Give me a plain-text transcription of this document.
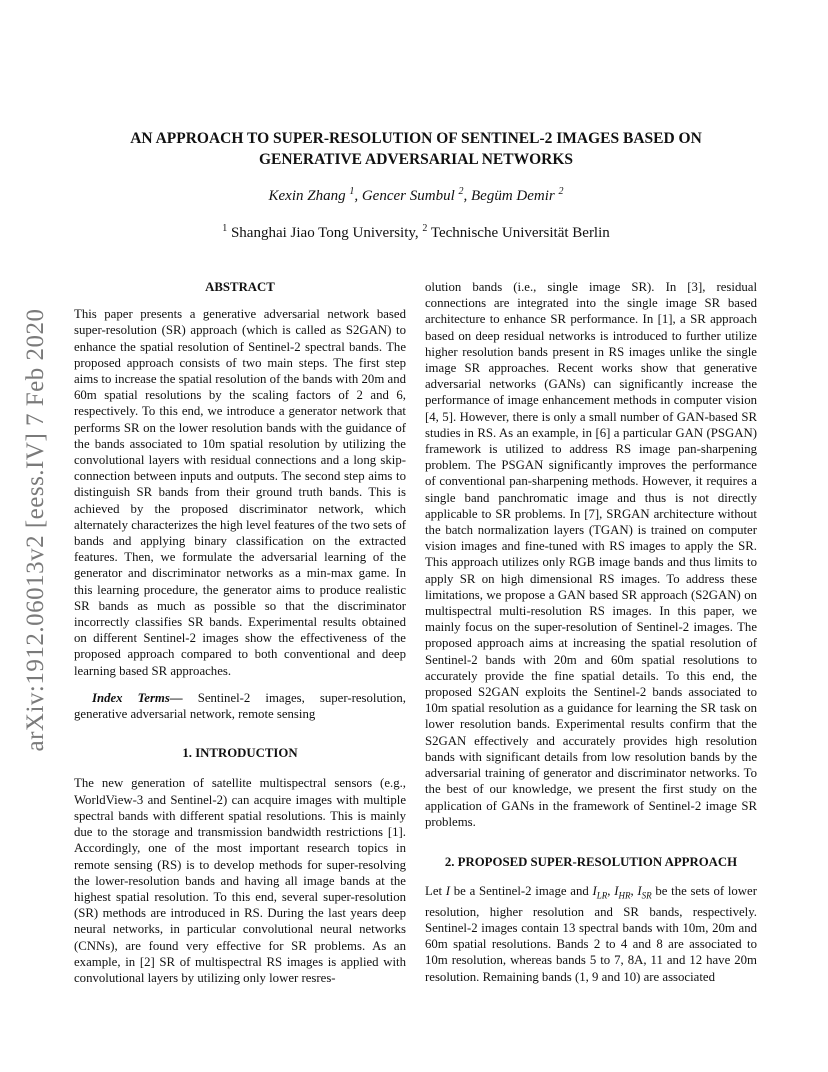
arXiv:1912.06013v2 [eess.IV] 7 Feb 2020
AN APPROACH TO SUPER-RESOLUTION OF SENTINEL-2 IMAGES BASED ON
GENERATIVE ADVERSARIAL NETWORKS

Kexin Zhang $^1$, Gencer Sumbul $^2$, Begüm Demir $^2$

$^1$ Shanghai Jiao Tong University, $^2$ Technische Universität Berlin

ABSTRACT

This paper presents a generative adversarial network based super-resolution (SR) approach (which is called as S2GAN) to enhance the spatial resolution of Sentinel-2 spectral bands. The proposed approach consists of two main steps. The first step aims to increase the spatial resolution of the bands with 20m and 60m spatial resolutions by the scaling factors of 2 and 6, respectively. To this end, we introduce a generator network that performs SR on the lower resolution bands with the guidance of the bands associated to 10m spatial resolution by utilizing the convolutional layers with residual connections and a long skip-connection between inputs and outputs. The second step aims to distinguish SR bands from their ground truth bands. This is achieved by the proposed discriminator network, which alternately characterizes the high level features of the two sets of bands and applying binary classification on the extracted features. Then, we formulate the adversarial learning of the generator and discriminator networks as a min-max game. In this learning procedure, the generator aims to produce realistic SR bands as much as possible so that the discriminator incorrectly classifies SR bands. Experimental results obtained on different Sentinel-2 images show the effectiveness of the proposed approach compared to both conventional and deep learning based SR approaches.

Index Terms— Sentinel-2 images, super-resolution, generative adversarial network, remote sensing

1. INTRODUCTION

The new generation of satellite multispectral sensors (e.g., WorldView-3 and Sentinel-2) can acquire images with multiple spectral bands with different spatial resolutions. This is mainly due to the storage and transmission bandwidth restrictions [1]. Accordingly, one of the most important research topics in remote sensing (RS) is to develop methods for super-resolving the lower-resolution bands and having all image bands at the highest spatial resolution. To this end, several super-resolution (SR) methods are introduced in RS. During the last years deep neural networks, in particular convolutional neural networks (CNNs), are found very effective for SR problems. As an example, in [2] SR of multispectral RS images is applied with convolutional layers by utilizing only lower resres-

olution bands (i.e., single image SR). In [3], residual connections are integrated into the single image SR based architecture to enhance SR performance. In [1], a SR approach based on deep residual networks is introduced to further utilize higher resolution bands present in RS images unlike the single image SR approaches. Recent works show that generative adversarial networks (GANs) can significantly increase the performance of image enhancement methods in computer vision [4, 5]. However, there is only a small number of GAN-based SR studies in RS. As an example, in [6] a particular GAN (PSGAN) framework is utilized to address RS image pan-sharpening problem. The PSGAN significantly improves the performance of conventional pan-sharpening methods. However, it requires a single band panchromatic image and thus is not directly applicable to SR problems. In [7], SRGAN architecture without the batch normalization layers (TGAN) is trained on computer vision images and fine-tuned with RS images to apply the SR. This approach utilizes only RGB image bands and thus limits to apply SR on high dimensional RS images. To address these limitations, we propose a GAN based SR approach (S2GAN) on multispectral multi-resolution RS images. In this paper, we mainly focus on the super-resolution of Sentinel-2 images. The proposed approach aims at increasing the spatial resolution of Sentinel-2 bands with 20m and 60m spatial resolutions to accurately provide the fine spatial details. To this end, the proposed S2GAN exploits the Sentinel-2 bands associated to 10m spatial resolution as a guidance for learning the SR task on lower resolution bands. Experimental results confirm that the S2GAN effectively and accurately provides high resolution bands with significant details from low resolution bands by the adversarial training of generator and discriminator networks. To the best of our knowledge, we present the first study on the application of GANs in the framework of Sentinel-2 image SR problems.

2. PROPOSED SUPER-RESOLUTION APPROACH

Let I be a Sentinel-2 image and $I_{LR}$, $I_{HR}$, $I_{SR}$ be the sets of lower resolution, higher resolution and SR bands, respectively. Sentinel-2 images contain 13 spectral bands with 10m, 20m and 60m spatial resolutions. Bands 2 to 4 and 8 are associated to 10m resolution, whereas bands 5 to 7, 8A, 11 and 12 have 20m resolution. Remaining bands (1, 9 and 10) are associated
